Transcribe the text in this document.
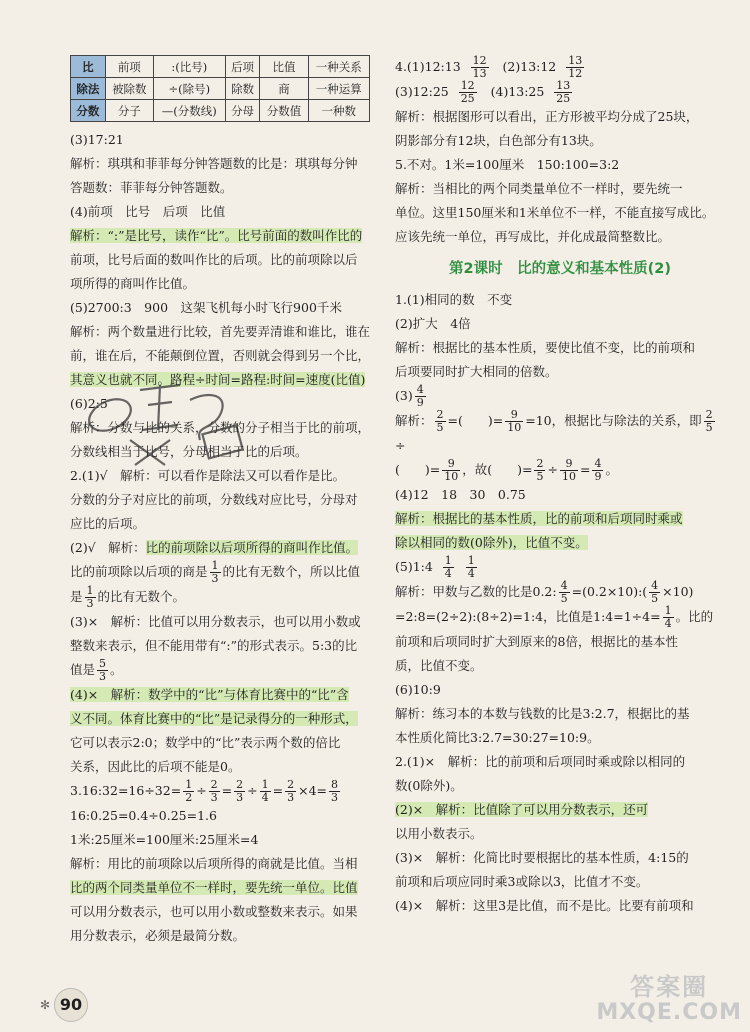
比	前项	:(比号)	后项	比值	一种关系
除法	被除数	÷(除号)	除数	商	一种运算
分数	分子	—(分数线)	分母	分数值	一种数

(3)17:21

解析：琪琪和菲菲每分钟答题数的比是：琪琪每分钟

答题数：菲菲每分钟答题数。

(4)前项　比号　后项　比值

解析：“:”是比号，读作“比”。比号前面的数叫作比的

前项，比号后面的数叫作比的后项。比的前项除以后

项所得的商叫作比值。

(5)2700:3　900　这架飞机每小时飞行900千米

解析：两个数量进行比较，首先要弄清谁和谁比，谁在

前，谁在后，不能颠倒位置，否则就会得到另一个比，

其意义也就不同。路程÷时间=路程:时间=速度(比值)

(6)2:5

解析：分数与比的关系，分数的分子相当于比的前项，

分数线相当于比号，分母相当于比的后项。

2.(1)√　解析：可以看作是除法又可以看作是比。

分数的分子对应比的前项，分数线对应比号，分母对

应比的后项。

(2)√　解析：比的前项除以后项所得的商叫作比值。

比的前项除以后项的商是 $\frac{1}{3}$ 的比有无数个，所以比值

是 $\frac{1}{3}$ 的比有无数个。

(3)×　解析：比值可以用分数表示，也可以用小数或

整数来表示，但不能用带有“:”的形式表示。5:3的比

值是 $\frac{5}{3}$ 。

(4)×　解析：数学中的“比”与体育比赛中的“比”含

义不同。体育比赛中的“比”是记录得分的一种形式，

它可以表示2:0；数学中的“比”表示两个数的倍比

关系，因此比的后项不能是0。

3.16:32=16÷32= $\frac{1}{2} \div \frac{2}{3} = \frac{2}{3} \div \frac{1}{4} = \frac{2}{3} \times 4= \frac{8}{3}$

16:0.25=0.4÷0.25=1.6

1米:25厘米=100厘米:25厘米=4

解析：用比的前项除以后项所得的商就是比值。当相

比的两个同类量单位不一样时，要先统一单位。比值

可以用分数表示，也可以用小数或整数来表示。如果

用分数表示，必须是最简分数。

4.(1)12:13 $\frac{12}{13}$ (2)13:12 $\frac{13}{12}$

(3)12:25 $\frac{12}{25}$ (4)13:25 $\frac{13}{25}$

解析：根据图形可以看出，正方形被平均分成了25块，

阴影部分有12块，白色部分有13块。

5.不对。1米=100厘米　150:100=3:2

解析：当相比的两个同类量单位不一样时，要先统一

单位。这里150厘米和1米单位不一样，不能直接写成比。

应该先统一单位，再写成比，并化成最简整数比。

第2课时　比的意义和基本性质(2)

1.(1)相同的数　不变

(2)扩大　4倍

解析：根据比的基本性质，要使比值不变，比的前项和

后项要同时扩大相同的倍数。

$(3) \frac{4}{9}$

解析： $\frac{2}{5}$ =(　　)= $\frac{9}{10} =10$，根据比与除法的关系，即 $\frac{2}{5}$
÷

(　　)= $\frac{9}{10}$ ，故(　　)= $\frac{2}{5} \div \frac{9}{10} = \frac{4}{9}$ 。

(4)12　18　30　0.75

解析：根据比的基本性质，比的前项和后项同时乘或

除以相同的数(0除外)，比值不变。

(5)1:4 $\frac{1}{4}$
$\frac{1}{4}$

解析：甲数与乙数的比是0.2: $\frac{4}{5}$ =(0.2×10):( $\frac{4}{5} \times 10$)

=2:8=(2÷2):(8÷2)=1:4，比值是1:4=1÷4= $\frac{1}{4}$ 。比的

前项和后项同时扩大到原来的8倍，根据比的基本性

质，比值不变。

(6)10:9

解析：练习本的本数与钱数的比是3:2.7，根据比的基

本性质化简比3:2.7=30:27=10:9。

2.(1)×　解析：比的前项和后项同时乘或除以相同的

数(0除外)。

(2)×　解析：比值除了可以用分数表示，还可

以用小数表示。

(3)×　解析：化简比时要根据比的基本性质，4:15的

前项和后项应同时乘3或除以3，比值才不变。

(4)×　解析：这里3是比值，而不是比。比要有前项和

✻ 90
答案圈
MXQE.COM
